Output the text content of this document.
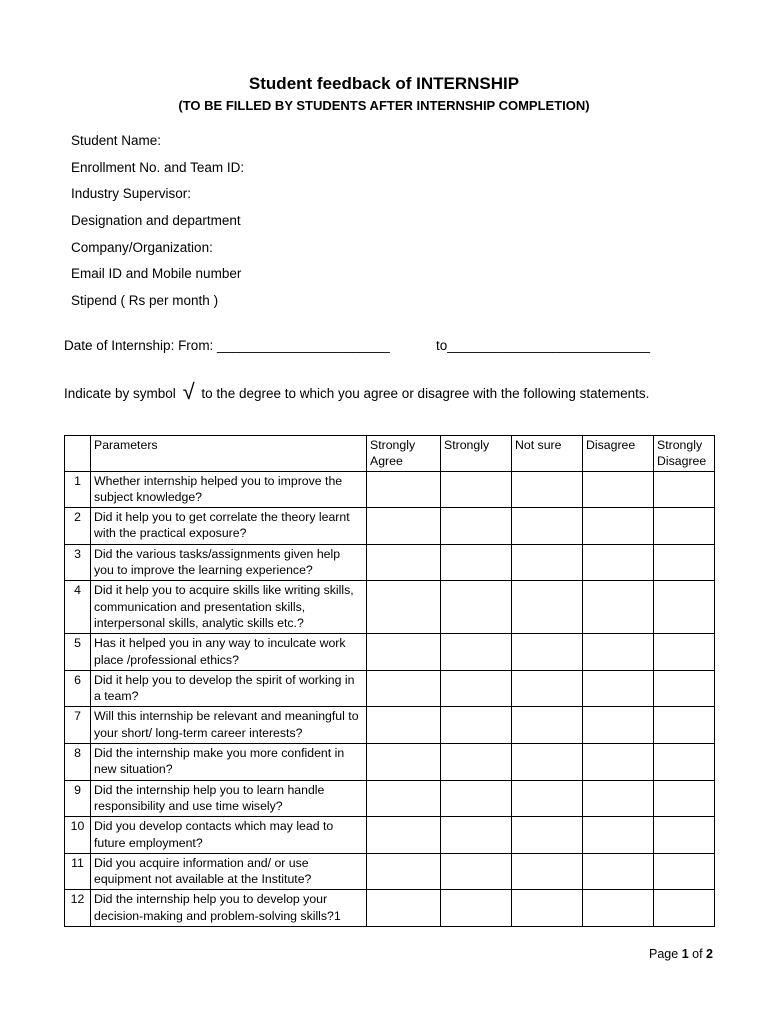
Student feedback of INTERNSHIP
(TO BE FILLED BY STUDENTS AFTER INTERNSHIP COMPLETION)
Student Name:
Enrollment No. and Team ID:
Industry Supervisor:
Designation and department
Company/Organization:
Email ID and Mobile number
Stipend ( Rs per month )
Date of Internship: From: _______________________	to___________________________
Indicate by symbol √ to the degree to which you agree or disagree with the following statements.
	Parameters	Strongly Agree	Strongly	Not sure	Disagree	Strongly Disagree
1	Whether internship helped you to improve the subject knowledge?					
2	Did it help you to get correlate the theory learnt with the practical exposure?					
3	Did the various tasks/assignments given help you to improve the learning experience?					
4	Did it help you to acquire skills like writing skills, communication and presentation skills, interpersonal skills, analytic skills etc.?					
5	Has it helped you in any way to inculcate work place /professional ethics?					
6	Did it help you to develop the spirit of working in a team?					
7	Will this internship be relevant and meaningful to your short/ long-term career interests?					
8	Did the internship make you more confident in new situation?					
9	Did the internship help you to learn handle responsibility and use time wisely?					
10	Did you develop contacts which may lead to future employment?					
11	Did you acquire information and/ or use equipment not available at the Institute?					
12	Did the internship help you to develop your decision-making and problem-solving skills?1					
Page 1 of 2
